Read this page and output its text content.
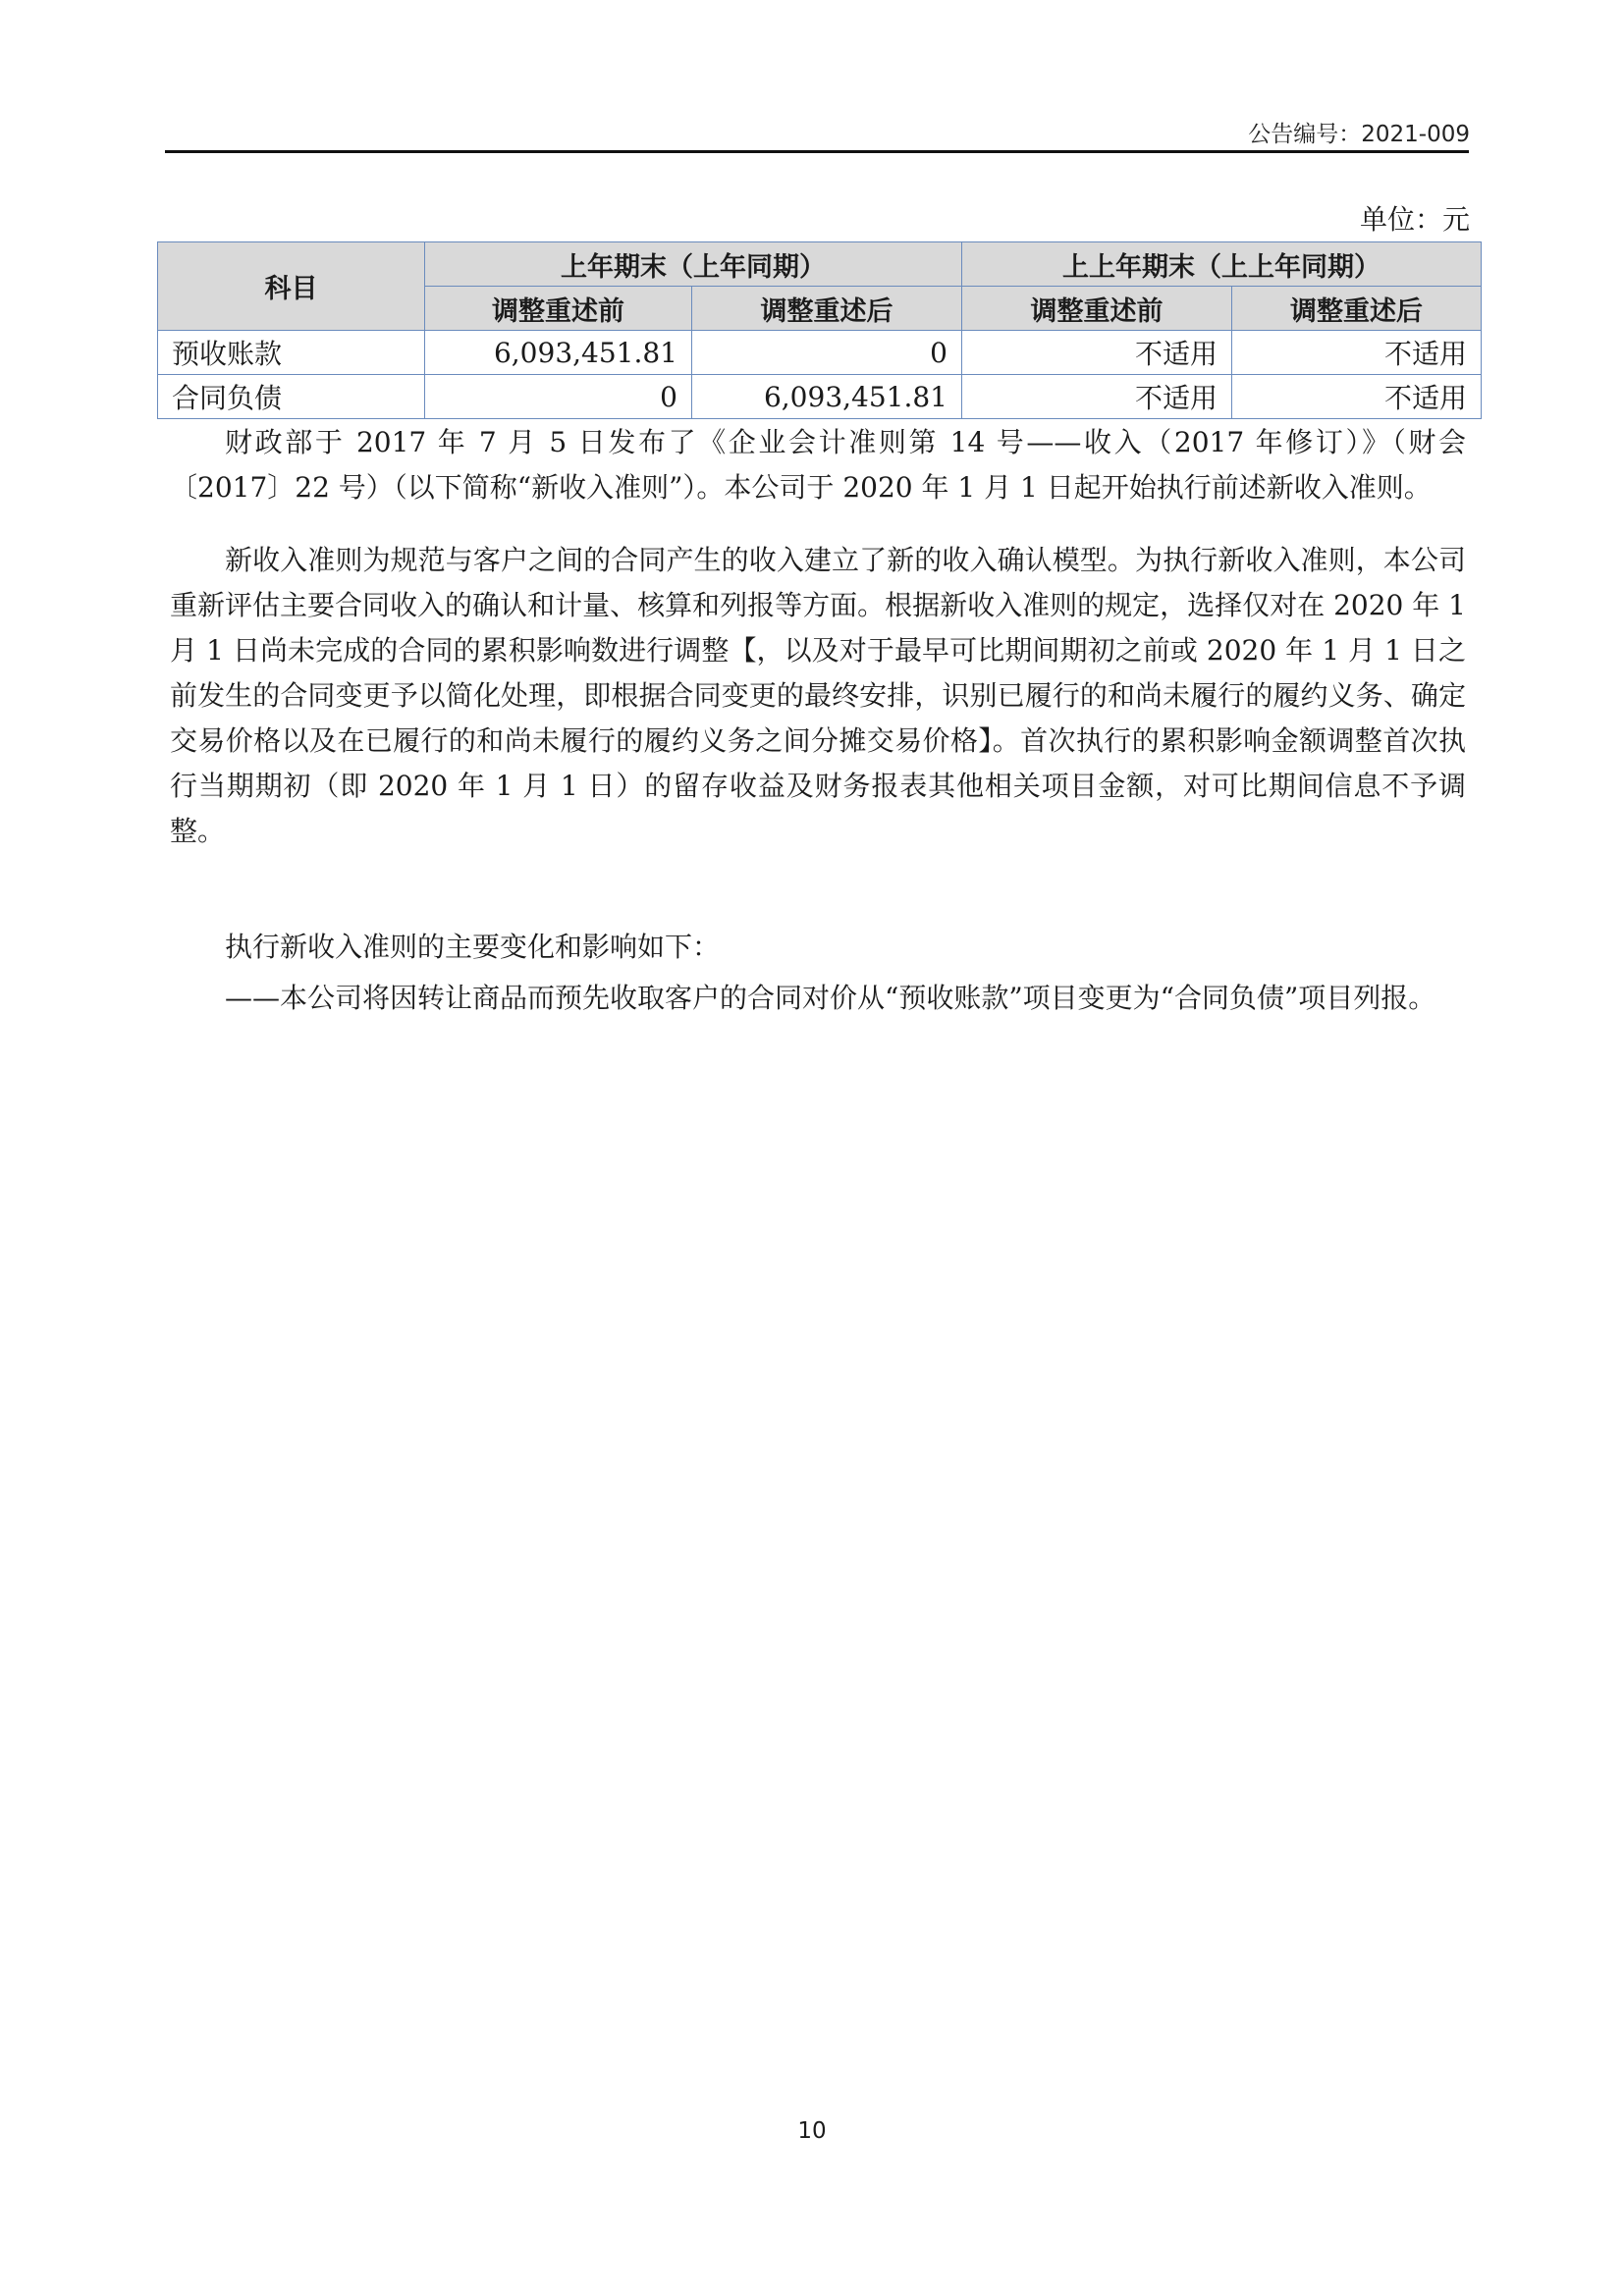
公告编号：2021-009
单位：元
科目	上年期末（上年同期）		上上年期末（上上年同期）	
	调整重述前	调整重述后	调整重述前	调整重述后
预收账款	6,093,451.81	0	不适用	不适用
合同负债	0	6,093,451.81	不适用	不适用

财政部于 2017 年 7 月 5 日发布了《企业会计准则第 14 号——收入（2017 年修订）》（财会〔2017〕22 号）（以下简称“新收入准则”）。本公司于 2020 年 1 月 1 日起开始执行前述新收入准则。

新收入准则为规范与客户之间的合同产生的收入建立了新的收入确认模型。为执行新收入准则，本公司重新评估主要合同收入的确认和计量、核算和列报等方面。根据新收入准则的规定，选择仅对在 2020 年 1 月 1 日尚未完成的合同的累积影响数进行调整【，以及对于最早可比期间期初之前或 2020 年 1 月 1 日之前发生的合同变更予以简化处理，即根据合同变更的最终安排，识别已履行的和尚未履行的履约义务、确定交易价格以及在已履行的和尚未履行的履约义务之间分摊交易价格】。首次执行的累积影响金额调整首次执行当期期初（即 2020 年 1 月 1 日）的留存收益及财务报表其他相关项目金额，对可比期间信息不予调整。

执行新收入准则的主要变化和影响如下：

——本公司将因转让商品而预先收取客户的合同对价从“预收账款”项目变更为“合同负债”项目列报。

10
